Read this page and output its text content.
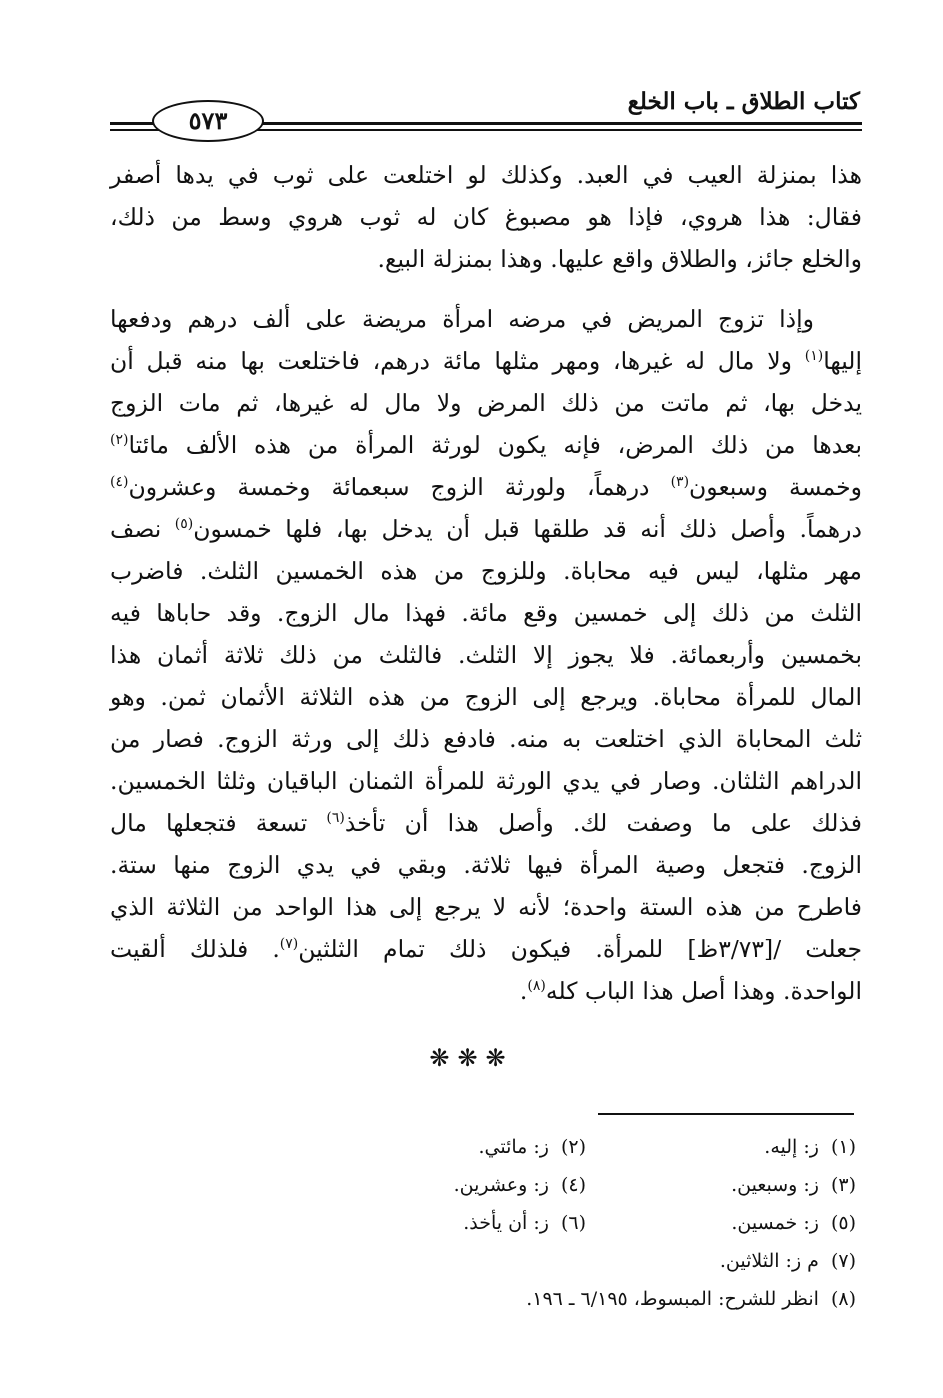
كتاب الطلاق ـ باب الخلع
٥٧٣
هذا بمنزلة العيب في العبد. وكذلك لو اختلعت على ثوب في يدها أصفر
فقال: هذا هروي، فإذا هو مصبوغ كان له ثوب هروي وسط من ذلك،
والخلع جائز، والطلاق واقع عليها. وهذا بمنزلة البيع.
وإذا تزوج المريض في مرضه امرأة مريضة على ألف درهم ودفعها
إليها$^{(١)}$ ولا مال له غيرها، ومهر مثلها مائة درهم، فاختلعت بها منه قبل أن
يدخل بها، ثم ماتت من ذلك المرض ولا مال له غيرها، ثم مات الزوج
بعدها من ذلك المرض، فإنه يكون لورثة المرأة من هذه الألف مائتا$^{(٢)}$
وخمسة وسبعون$^{(٣)}$ درهماً، ولورثة الزوج سبعمائة وخمسة وعشرون$^{(٤)}$
درهماً. وأصل ذلك أنه قد طلقها قبل أن يدخل بها، فلها خمسون$^{(٥)}$ نصف
مهر مثلها، ليس فيه محاباة. وللزوج من هذه الخمسين الثلث. فاضرب
الثلث من ذلك إلى خمسين وقع مائة. فهذا مال الزوج. وقد حاباها فيه
بخمسين وأربعمائة. فلا يجوز إلا الثلث. فالثلث من ذلك ثلاثة أثمان هذا
المال للمرأة محاباة. ويرجع إلى الزوج من هذه الثلاثة الأثمان ثمن. وهو
ثلث المحاباة الذي اختلعت به منه. فادفع ذلك إلى ورثة الزوج. فصار من
الدراهم الثلثان. وصار في يدي الورثة للمرأة الثمنان الباقيان وثلثا الخمسين.
فذلك على ما وصفت لك. وأصل هذا أن تأخذ$^{(٦)}$ تسعة فتجعلها مال
الزوج. فتجعل وصية المرأة فيها ثلاثة. وبقي في يدي الزوج منها ستة.
فاطرح من هذه الستة واحدة؛ لأنه لا يرجع إلى هذا الواحد من الثلاثة الذي
جعلت /[٣/٧٣ظ] للمرأة. فيكون ذلك تمام الثلثين$^{(٧)}$. فلذلك ألقيت
الواحدة. وهذا أصل هذا الباب كله$^{(٨)}$.
❋❋❋
(١)ز: إليه.
(٢)ز: مائتي.
(٣)ز: وسبعين.
(٤)ز: وعشرين.
(٥)ز: خمسين.
(٦)ز: أن يأخذ.
(٧)م ز: الثلاثين.
(٨)انظر للشرح: المبسوط، ٦/١٩٥ ـ ١٩٦.
